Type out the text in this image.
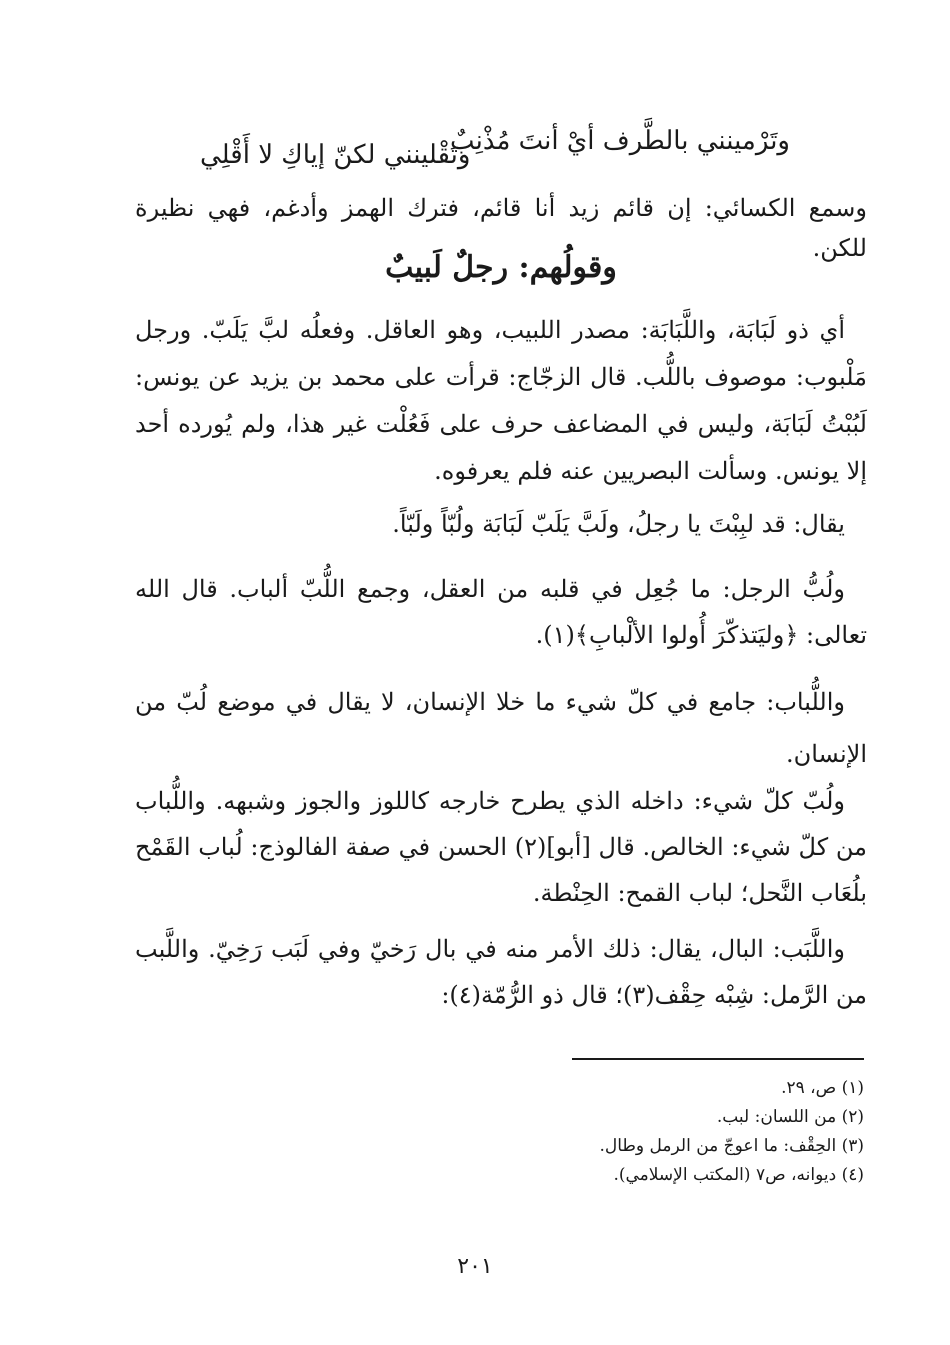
وتَرْمينني بالطَّرف أيْ أنتَ مُذْنِبٌ
وتَقْلينني لكنّ إياكِ لا أَقْلِي

وسمع الكسائي: إن قائم زيد أنا قائم، فترك الهمز وأدغم، فهي نظيرة للكن.

وقولُهم: رجلٌ لَبيبٌ

أي ذو لَبَابَة، واللَّبَابَة: مصدر اللبيب، وهو العاقل. وفعلُه لبَّ يَلَبّ. ورجل مَلْبوب: موصوف باللُّب. قال الزجّاج: قرأت على محمد بن يزيد عن يونس: لَبُبْتُ لَبَابَة، وليس في المضاعف حرف على فَعُلْت غير هذا، ولم يُورده أحد إلا يونس. وسألت البصريين عنه فلم يعرفوه.

يقال: قد لبِبْتَ يا رجلُ، ولَبَّ يَلَبّ لَبَابَة ولُبّاً ولَبّاً.

ولُبُّ الرجل: ما جُعِل في قلبه من العقل، وجمع اللُّبّ ألباب. قال الله تعالى: ﴿وليَتذكّرَ أُولوا الألْبابِ﴾(١).

واللُّباب: جامع في كلّ شيء ما خلا الإنسان، لا يقال في موضع لُبّ من الإنسان.

ولُبّ كلّ شيء: داخله الذي يطرح خارجه كاللوز والجوز وشبهه. واللُّباب من كلّ شيء: الخالص. قال [أبو](٢) الحسن في صفة الفالوذج: لُباب القَمْح بلُعَاب النَّحل؛ لباب القمح: الحِنْطة.

واللَّبَب: البال، يقال: ذلك الأمر منه في بال رَخيّ وفي لَبَب رَخِيّ. واللَّبب من الرَّمل: شِبْه حِقْف(٣)؛ قال ذو الرُّمّة(٤):

(١) ص، ٢٩.
(٢) من اللسان: لبب.
(٣) الحِقْف: ما اعوجّ من الرمل وطال.
(٤) ديوانه، ص٧ (المكتب الإسلامي).
٢٠١
